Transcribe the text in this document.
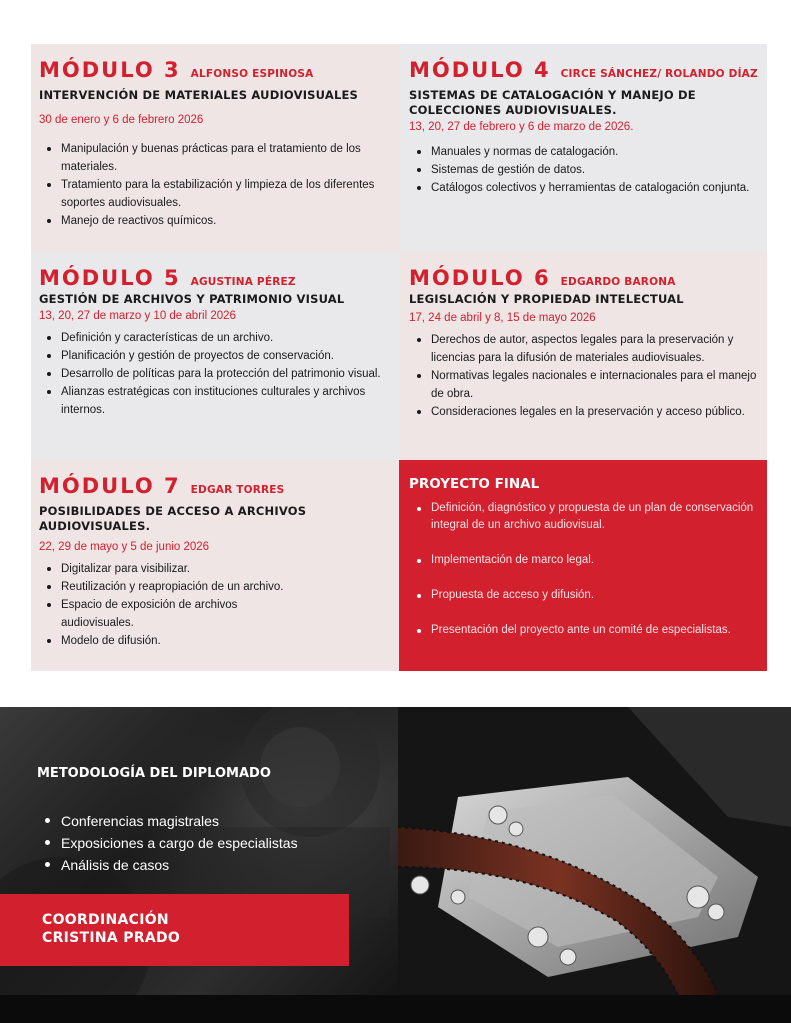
MÓDULO 3 ALFONSO ESPINOSA
INTERVENCIÓN DE MATERIALES AUDIOVISUALES
30 de enero y 6 de febrero 2026
Manipulación y buenas prácticas para el tratamiento de los materiales.
Tratamiento para la estabilización y limpieza de los diferentes soportes audiovisuales.
Manejo de reactivos químicos.
MÓDULO 4 CIRCE SÁNCHEZ/ ROLANDO DÍAZ
SISTEMAS DE CATALOGACIÓN Y MANEJO DE COLECCIONES AUDIOVISUALES.
13, 20, 27 de febrero y 6 de marzo de 2026.
Manuales y normas de catalogación.
Sistemas de gestión de datos.
Catálogos colectivos y herramientas de catalogación conjunta.
MÓDULO 5 AGUSTINA PÉREZ
GESTIÓN DE ARCHIVOS Y PATRIMONIO VISUAL
13, 20, 27 de marzo y 10 de abril 2026
Definición y características de un archivo.
Planificación y gestión de proyectos de conservación.
Desarrollo de políticas para la protección del patrimonio visual.
Alianzas estratégicas con instituciones culturales y archivos internos.
MÓDULO 6 EDGARDO BARONA
LEGISLACIÓN Y PROPIEDAD INTELECTUAL
17, 24 de abril y 8, 15 de mayo 2026
Derechos de autor, aspectos legales para la preservación y licencias para la difusión de materiales audiovisuales.
Normativas legales nacionales e internacionales para el manejo de obra.
Consideraciones legales en la preservación y acceso público.
MÓDULO 7 EDGAR TORRES
POSIBILIDADES DE ACCESO A ARCHIVOS AUDIOVISUALES.
22, 29 de mayo y 5 de junio 2026
Digitalizar para visibilizar.
Reutilización y reapropiación de un archivo.
Espacio de exposición de archivos audiovisuales.
Modelo de difusión.
PROYECTO FINAL
Definición, diagnóstico y propuesta de un plan de conservación integral de un archivo audiovisual.
Implementación de marco legal.
Propuesta de acceso y difusión.
Presentación del proyecto ante un comité de especialistas.
METODOLOGÍA DEL DIPLOMADO
Conferencias magistrales
Exposiciones a cargo de especialistas
Análisis de casos
COORDINACIÓN
CRISTINA PRADO
